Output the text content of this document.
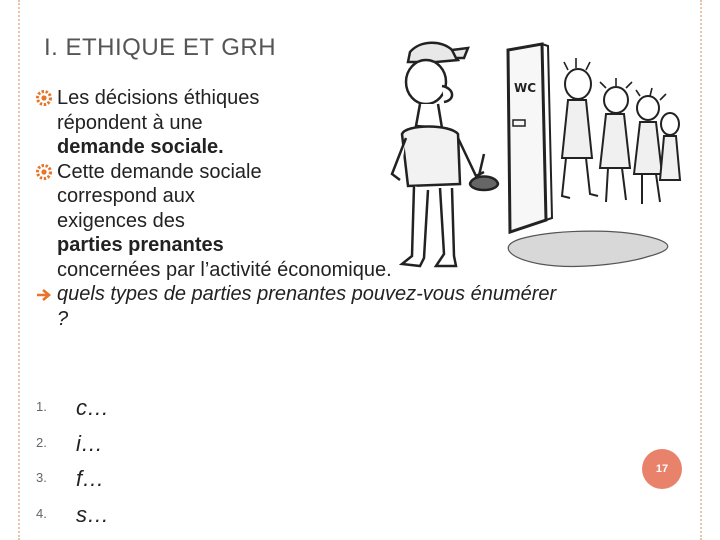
I. ETHIQUE ET GRH
WC
Les décisions éthiques
répondent à une
demande sociale.
Cette demande sociale
correspond aux
exigences des
parties prenantes
concernées par l’activité économique.
quels types de parties prenantes pouvez-vous énumérer
?
1. c…
2. i…
3. f…
4. s…
17
